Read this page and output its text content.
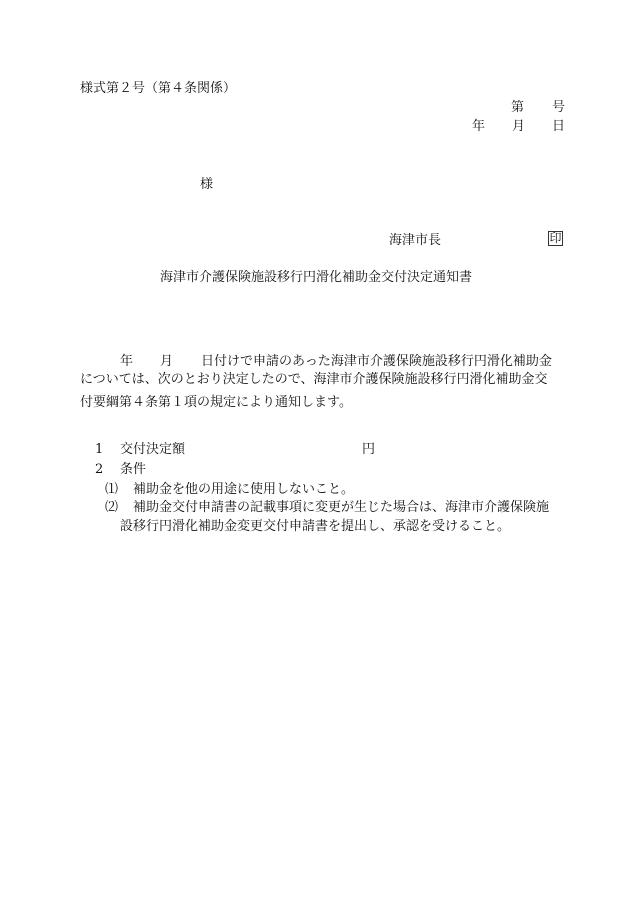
様式第２号（第４条関係）
第 号
年 月 日
様
海津市長	印
海津市介護保険施設移行円滑化補助金交付決定通知書
年 月 日付けで申請のあった海津市介護保険施設移行円滑化補助金
については、次のとおり決定したので、海津市介護保険施設移行円滑化補助金交
付要綱第４条第１項の規定により通知します。
1 交付決定額	円
2 条件
⑴ 補助金を他の用途に使用しないこと。
⑵ 補助金交付申請書の記載事項に変更が生じた場合は、海津市介護保険施
設移行円滑化補助金変更交付申請書を提出し、承認を受けること。
